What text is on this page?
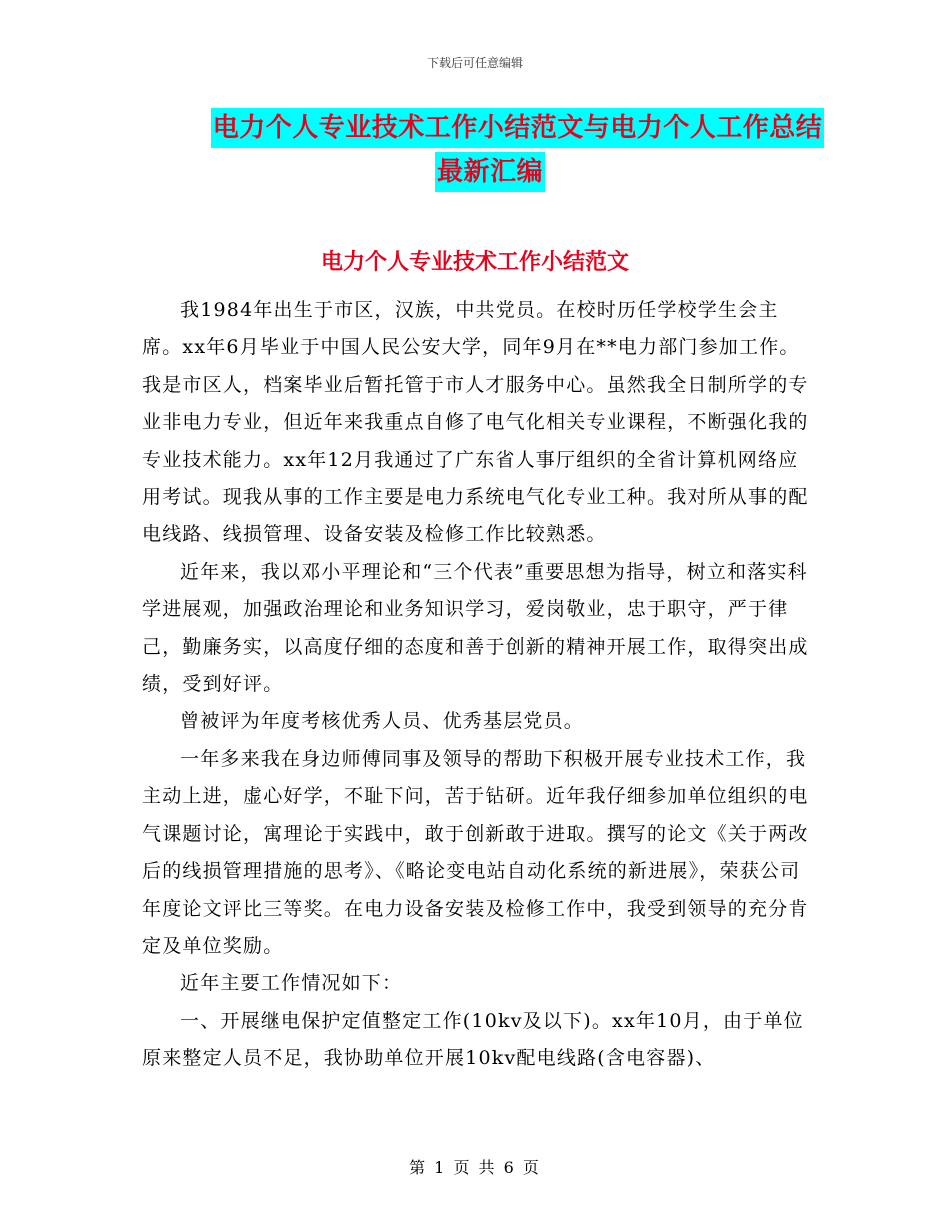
下载后可任意编辑
电力个人专业技术工作小结范文与电力个人工作总结
最新汇编
电力个人专业技术工作小结范文

我1984年出生于市区，汉族，中共党员。在校时历任学校学生会主席。xx年6月毕业于中国人民公安大学，同年9月在**电力部门参加工作。我是市区人，档案毕业后暂托管于市人才服务中心。虽然我全日制所学的专业非电力专业，但近年来我重点自修了电气化相关专业课程，不断强化我的专业技术能力。xx年12月我通过了广东省人事厅组织的全省计算机网络应用考试。现我从事的工作主要是电力系统电气化专业工种。我对所从事的配电线路、线损管理、设备安装及检修工作比较熟悉。

近年来，我以邓小平理论和“三个代表”重要思想为指导，树立和落实科学进展观，加强政治理论和业务知识学习，爱岗敬业，忠于职守，严于律己，勤廉务实，以高度仔细的态度和善于创新的精神开展工作，取得突出成绩，受到好评。

曾被评为年度考核优秀人员、优秀基层党员。

一年多来我在身边师傅同事及领导的帮助下积极开展专业技术工作，我主动上进，虚心好学，不耻下问，苦于钻研。近年我仔细参加单位组织的电气课题讨论，寓理论于实践中，敢于创新敢于进取。撰写的论文《关于两改后的线损管理措施的思考》、《略论变电站自动化系统的新进展》，荣获公司年度论文评比三等奖。在电力设备安装及检修工作中，我受到领导的充分肯定及单位奖励。

近年主要工作情况如下：

一、开展继电保护定值整定工作(10kv及以下)。xx年10月，由于单位原来整定人员不足，我协助单位开展10kv配电线路(含电容器)、

第 1 页 共 6 页
